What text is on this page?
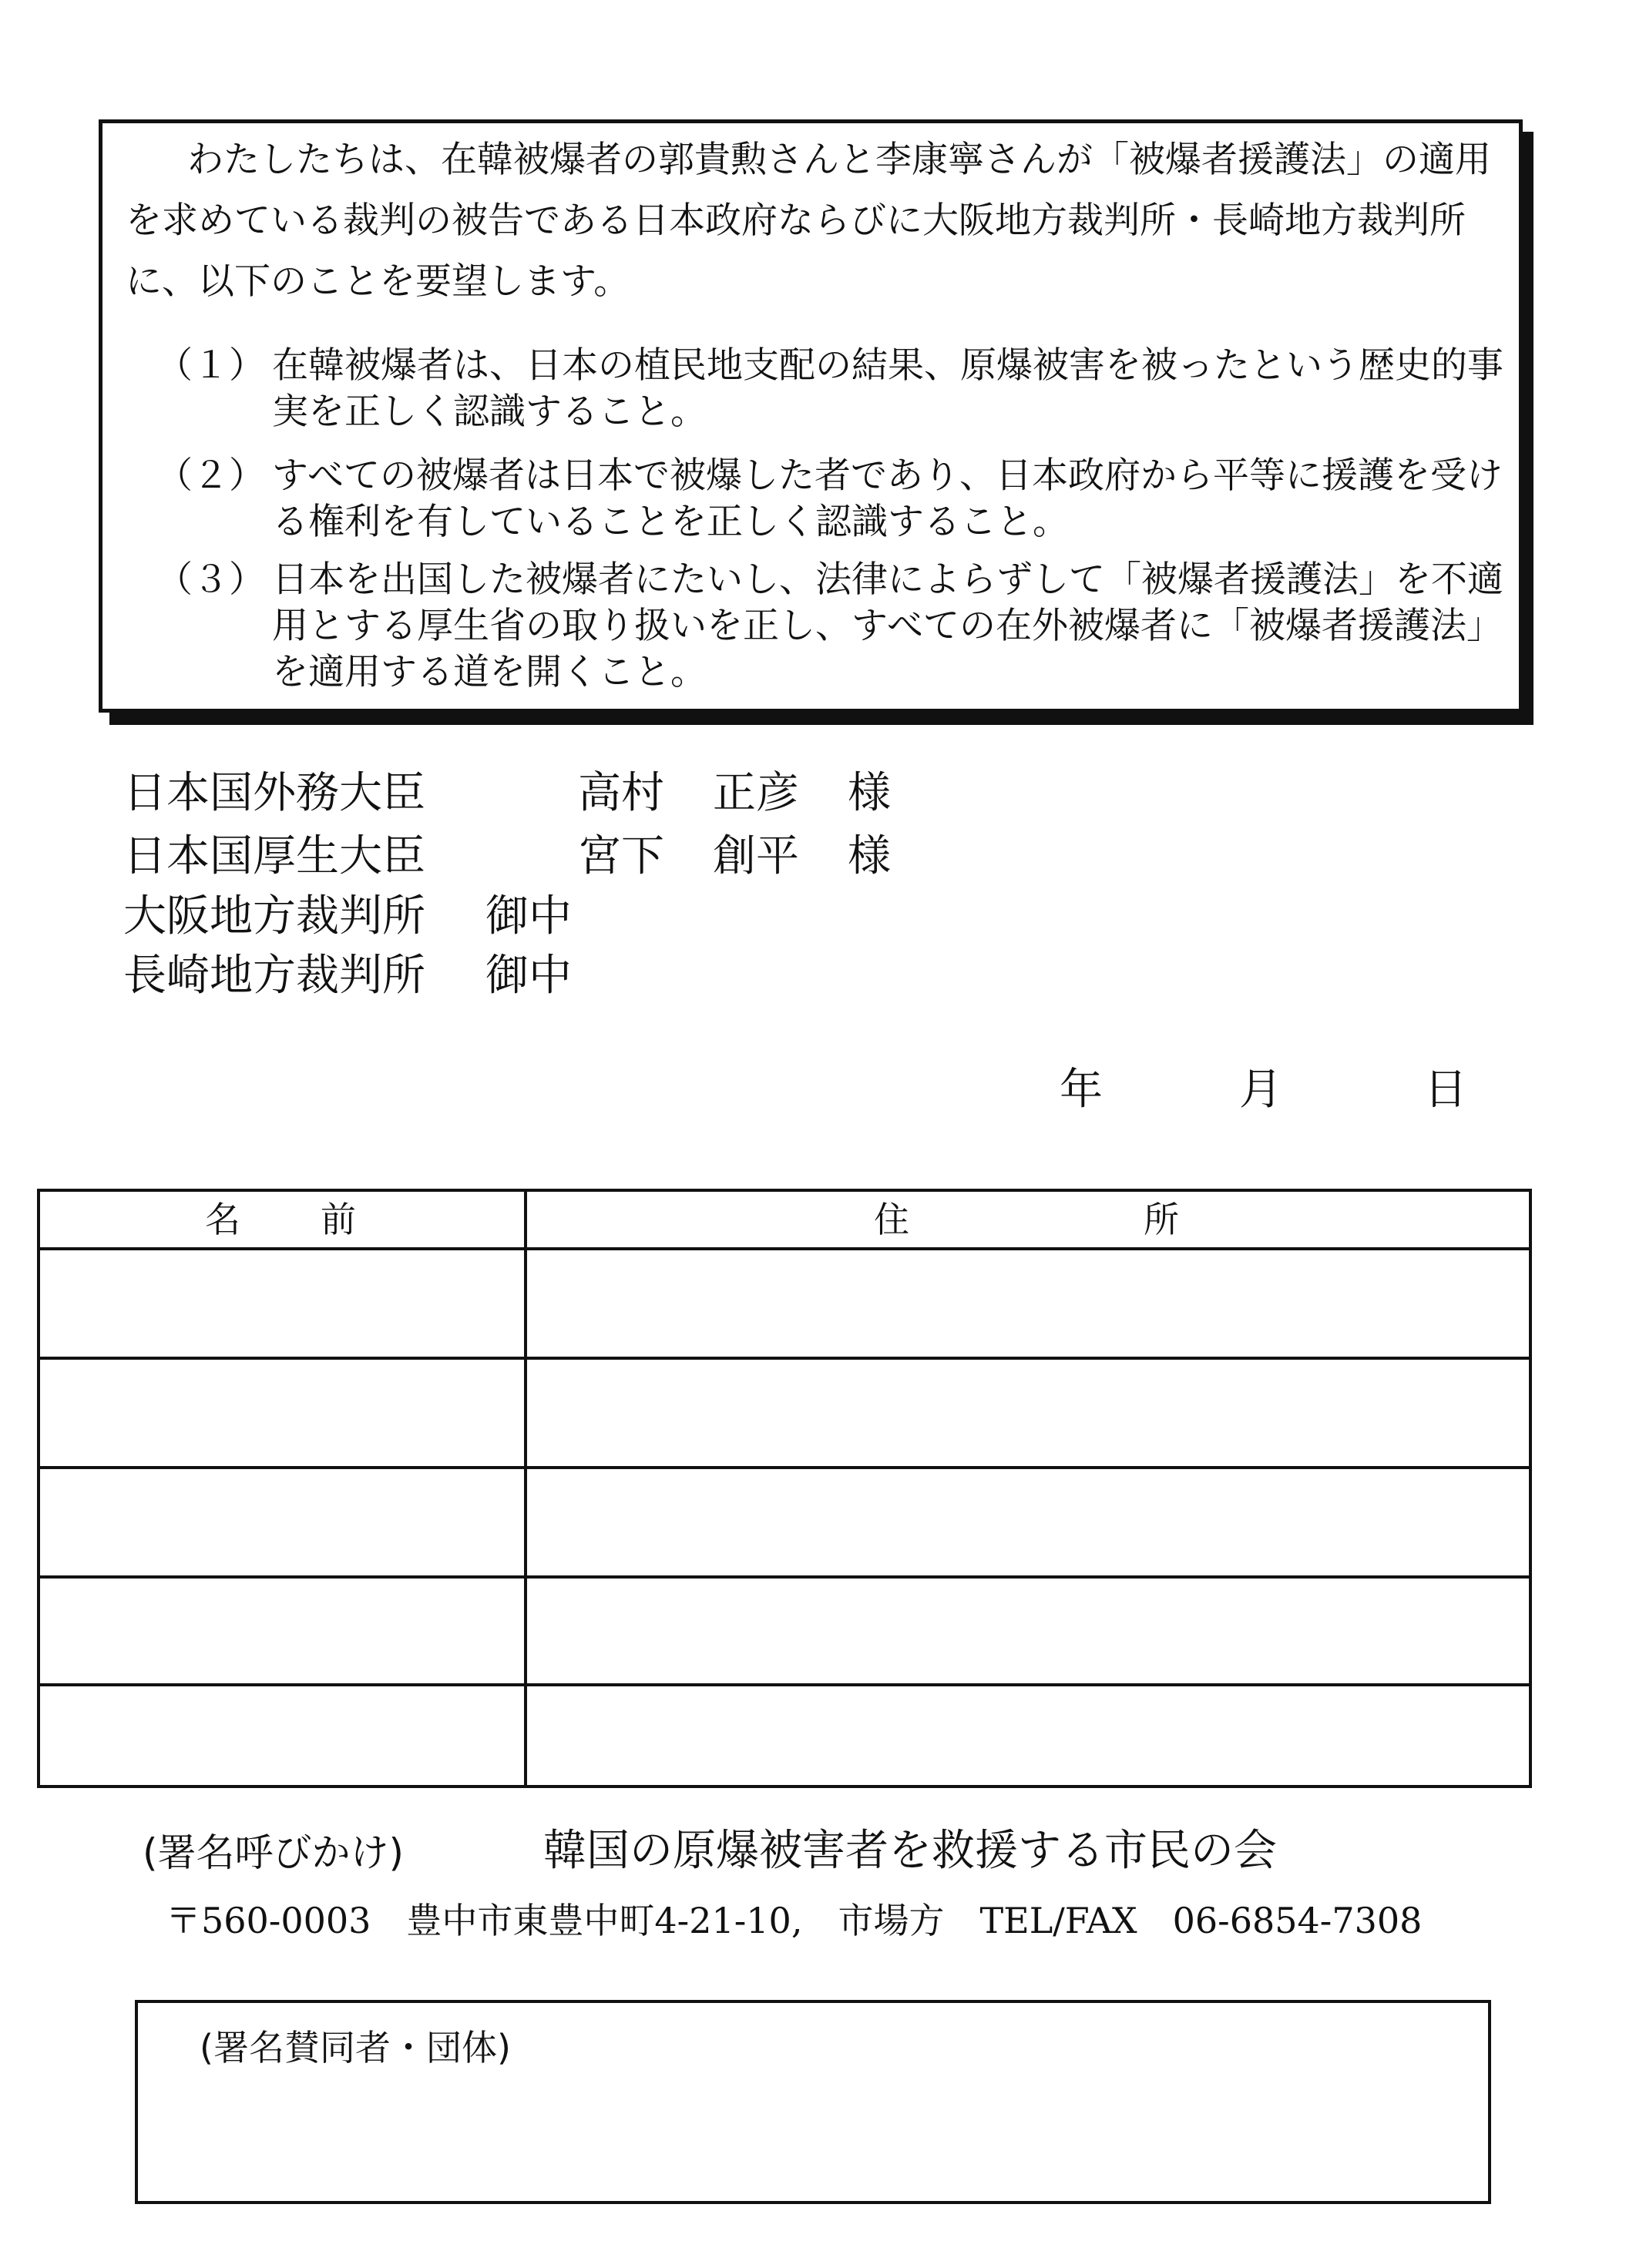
わたしたちは、在韓被爆者の郭貴勲さんと李康寧さんが「被爆者援護法」の適用を求めている裁判の被告である日本政府ならびに大阪地方裁判所・長崎地方裁判所に、以下のことを要望します。

（１） 在韓被爆者は、日本の植民地支配の結果、原爆被害を被ったという歴史的事実を正しく認識すること。
（２） すべての被爆者は日本で被爆した者であり、日本政府から平等に援護を受ける権利を有していることを正しく認識すること。
（３） 日本を出国した被爆者にたいし、法律によらずして「被爆者援護法」を不適用とする厚生省の取り扱いを正し、すべての在外被爆者に「被爆者援護法」を適用する道を開くこと。
日本国外務大臣	高村 正彦 様
日本国厚生大臣	宮下 創平 様
大阪地方裁判所 御中
長崎地方裁判所 御中
年	月	日
名　　前	住　　　　　　所
(署名呼びかけ)	韓国の原爆被害者を救援する市民の会
〒560-0003　豊中市東豊中町4-21-10,　市場方　TEL/FAX　06-6854-7308
(署名賛同者・団体)
